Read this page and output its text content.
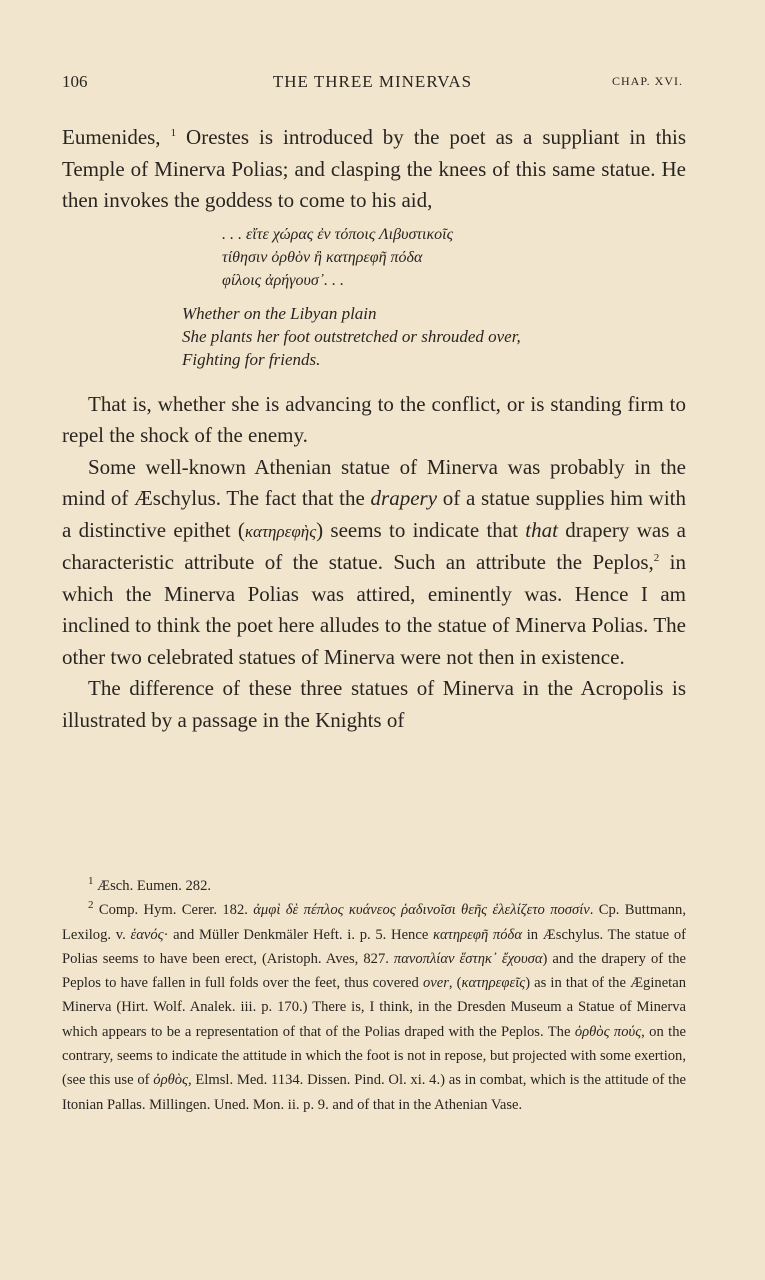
106	THE THREE MINERVAS	CHAP. XVI.

Eumenides, $^1$ Orestes is introduced by the poet as a suppliant in this Temple of Minerva Polias; and clasping the knees of this same statue. He then invokes the goddess to come to his aid,

. . . εἴτε χώρας ἐν τόποις Λιβυστικοῖς
τίθησιν ὀρθὸν ἢ κατηρεφῆ πόδα
φίλοις ἀρήγουσ᾽. . .
Whether on the Libyan plain
She plants her foot outstretched or shrouded over,
Fighting for friends.

That is, whether she is advancing to the conflict, or is standing firm to repel the shock of the enemy.

Some well-known Athenian statue of Minerva was probably in the mind of Æschylus. The fact that the drapery of a statue supplies him with a distinctive epithet (κατηρεφὴς) seems to indicate that that drapery was a characteristic attribute of the statue. Such an attribute the Peplos,$^2$ in which the Minerva Polias was attired, eminently was. Hence I am inclined to think the poet here alludes to the statue of Minerva Polias. The other two celebrated statues of Minerva were not then in existence.

The difference of these three statues of Minerva in the Acropolis is illustrated by a passage in the Knights of

$^1$ Æsch. Eumen. 282.

$^2$ Comp. Hym. Cerer. 182. ἀμφὶ δὲ πέπλος κυάνεος ῥαδινοῖσι θεῆς ἐλελίζετο ποσσίν. Cp. Buttmann, Lexilog. v. ἑανός· and Müller Denkmäler Heft. i. p. 5. Hence κατηρεφῆ πόδα in Æschylus. The statue of Polias seems to have been erect, (Aristoph. Aves, 827. πανοπλίαν ἕστηκ᾽ ἔχουσα) and the drapery of the Peplos to have fallen in full folds over the feet, thus covered over, (κατηρεφεῖς) as in that of the Æginetan Minerva (Hirt. Wolf. Analek. iii. p. 170.) There is, I think, in the Dresden Museum a Statue of Minerva which appears to be a representation of that of the Polias draped with the Peplos. The ὀρθὸς πούς, on the contrary, seems to indicate the attitude in which the foot is not in repose, but projected with some exertion, (see this use of ὀρθὸς, Elmsl. Med. 1134. Dissen. Pind. Ol. xi. 4.) as in combat, which is the attitude of the Itonian Pallas. Millingen. Uned. Mon. ii. p. 9. and of that in the Athenian Vase.
